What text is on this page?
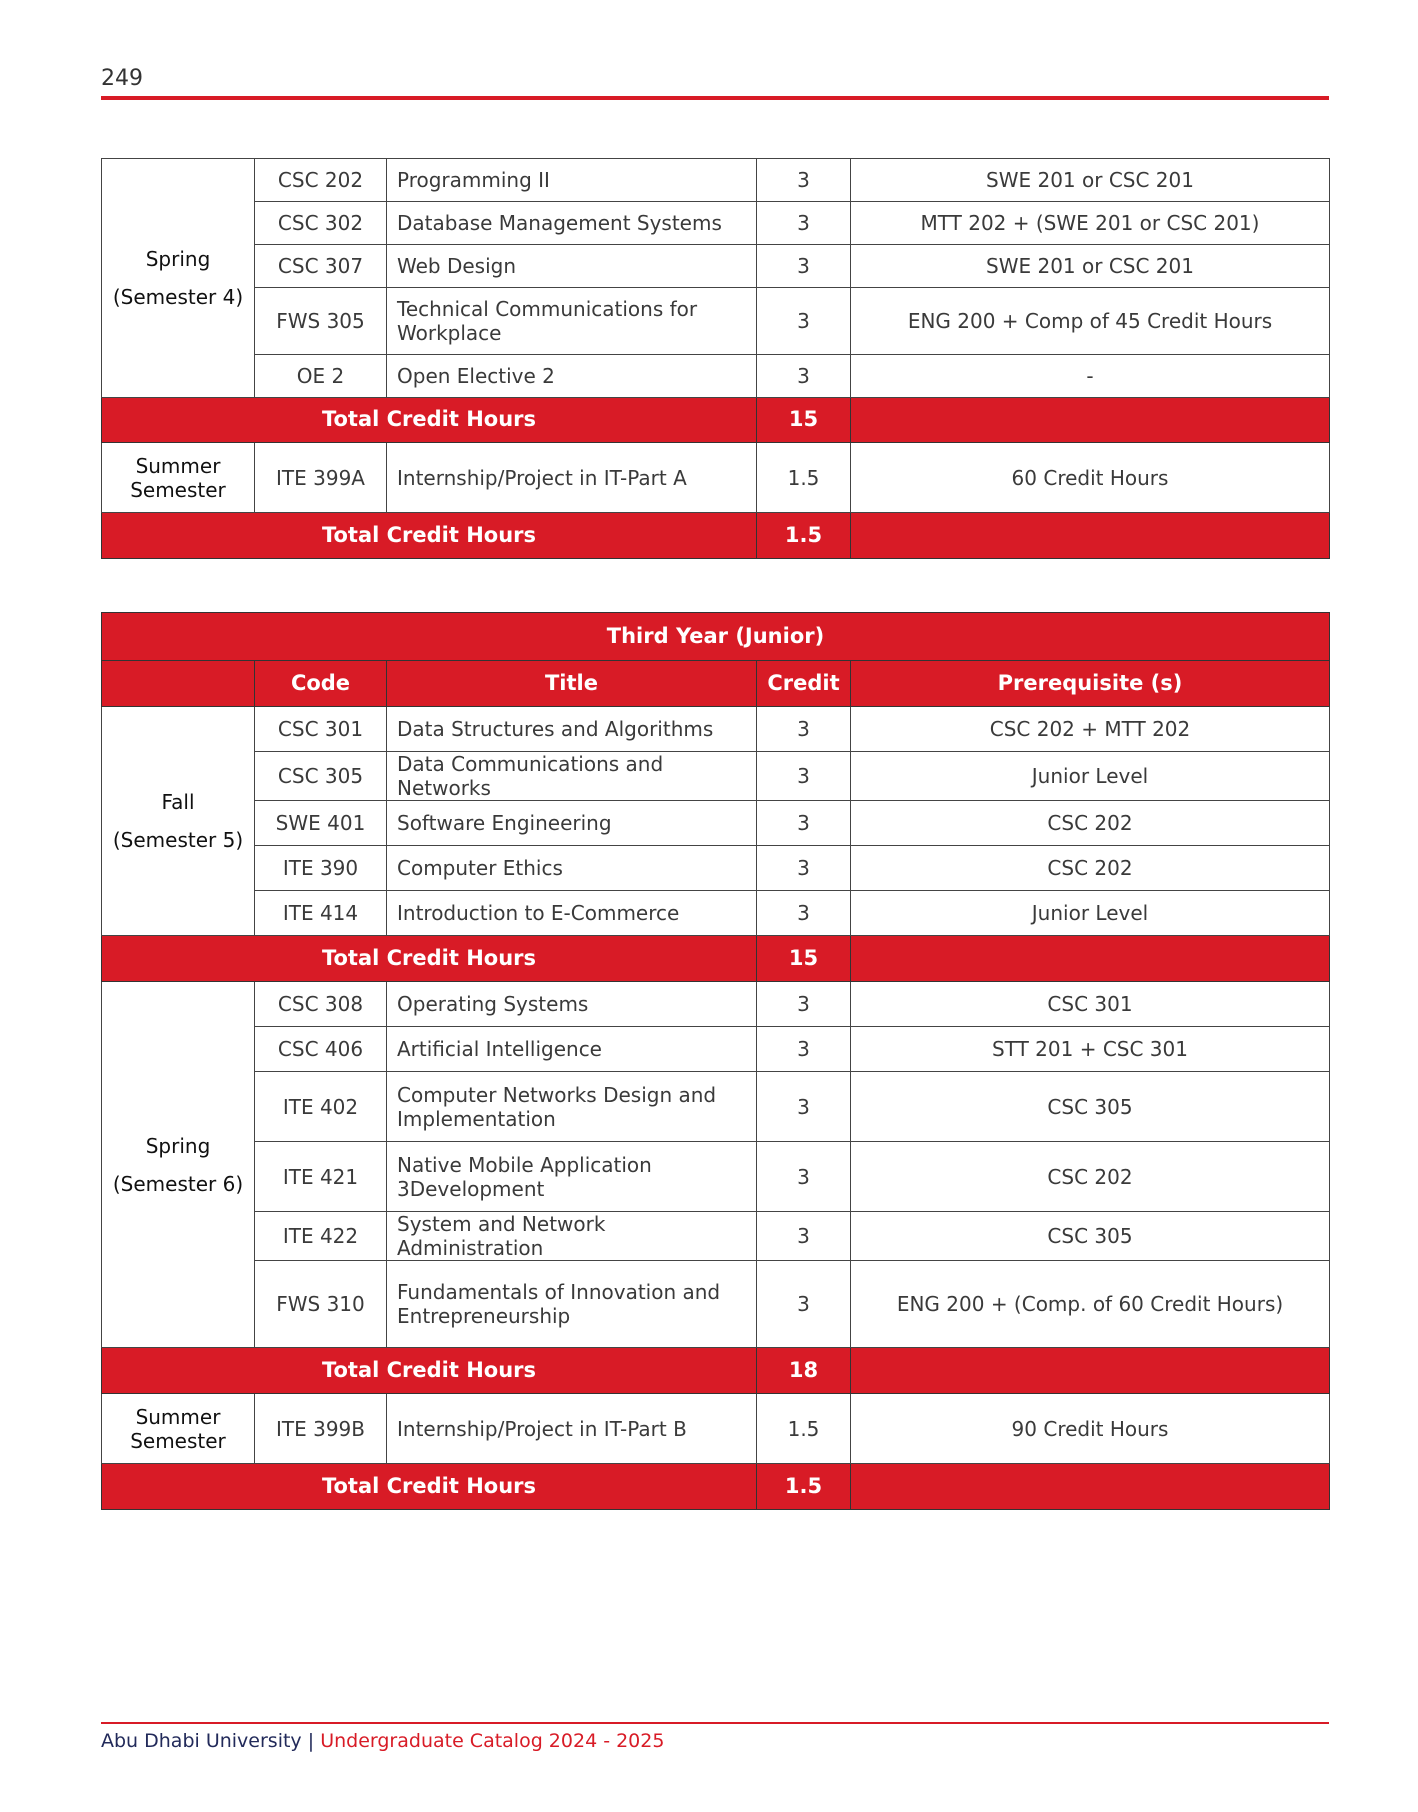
249
Spring
(Semester 4)	CSC 202	Programming II	3	SWE 201 or CSC 201
	CSC 302	Database Management Systems	3	MTT 202 + (SWE 201 or CSC 201)
	CSC 307	Web Design	3	SWE 201 or CSC 201
	FWS 305	Technical Communications for Workplace	3	ENG 200 + Comp of 45 Credit Hours
	OE 2	Open Elective 2	3	-
Total Credit Hours			15	

Summer
Semester	ITE 399A	Internship/Project in IT-Part A	1.5	60 Credit Hours
Total Credit Hours			1.5	
Third Year (Junior)				
	Code	Title	Credit	Prerequisite (s)

Fall
(Semester 5)	CSC 301	Data Structures and Algorithms	3	CSC 202 + MTT 202
	CSC 305	Data Communications and Networks	3	Junior Level
	SWE 401	Software Engineering	3	CSC 202
	ITE 390	Computer Ethics	3	CSC 202
	ITE 414	Introduction to E-Commerce	3	Junior Level
Total Credit Hours			15	

Spring
(Semester 6)	CSC 308	Operating Systems	3	CSC 301
	CSC 406	Artificial Intelligence	3	STT 201 + CSC 301
	ITE 402	Computer Networks Design and Implementation	3	CSC 305
	ITE 421	Native Mobile Application 3Development	3	CSC 202
	ITE 422	System and Network Administration	3	CSC 305
	FWS 310	Fundamentals of Innovation and Entrepreneurship	3	ENG 200 + (Comp. of 60 Credit Hours)
Total Credit Hours			18	

Summer
Semester	ITE 399B	Internship/Project in IT-Part B	1.5	90 Credit Hours
Total Credit Hours			1.5	
Abu Dhabi University | Undergraduate Catalog 2024 - 2025
